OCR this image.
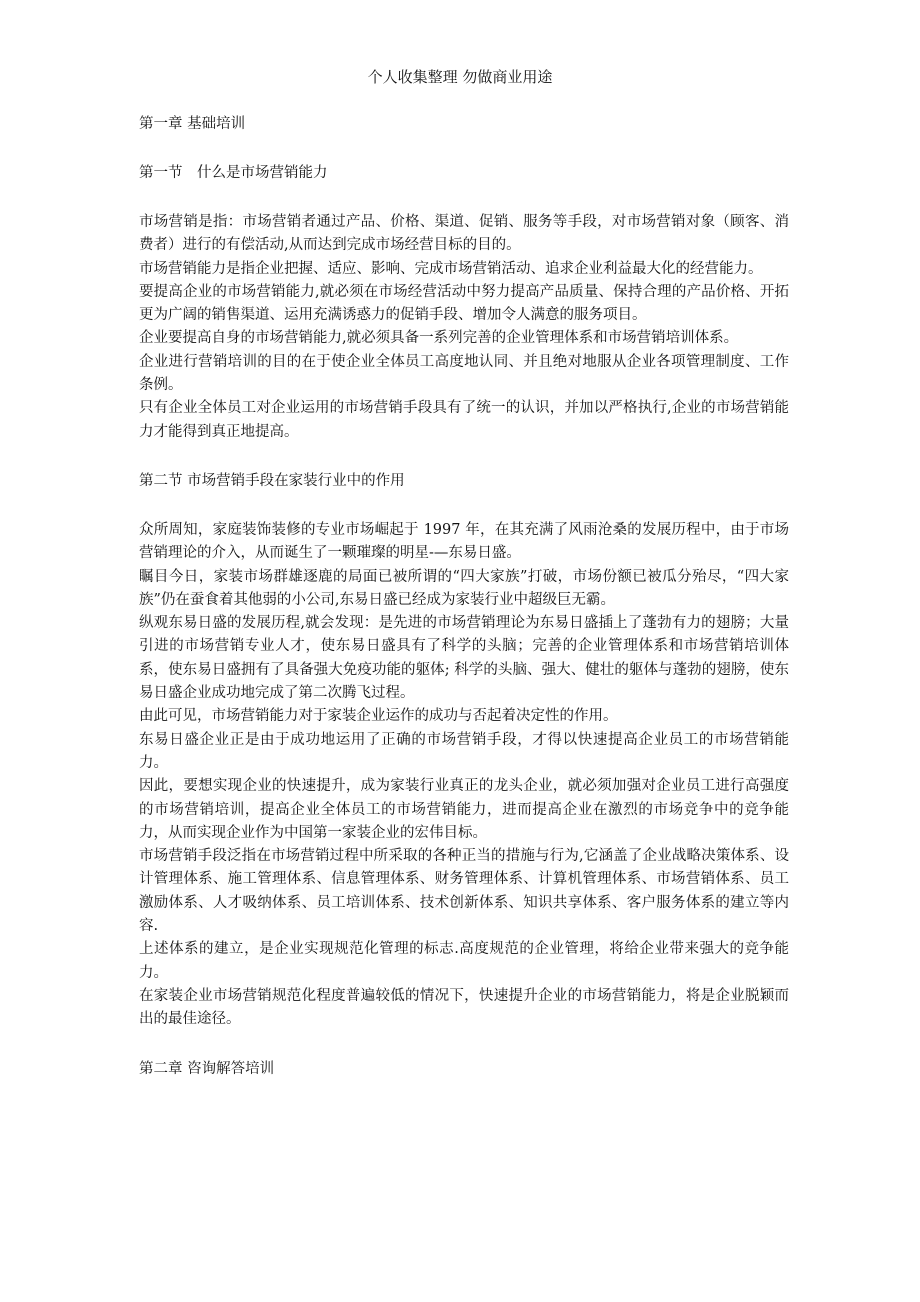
个人收集整理 勿做商业用途

第一章 基础培训

第一节　什么是市场营销能力

市场营销是指：市场营销者通过产品、价格、渠道、促销、服务等手段，对市场营销对象（顾客、消费者）进行的有偿活动,从而达到完成市场经营目标的目的。

市场营销能力是指企业把握、适应、影响、完成市场营销活动、追求企业利益最大化的经营能力。

要提高企业的市场营销能力,就必须在市场经营活动中努力提高产品质量、保持合理的产品价格、开拓更为广阔的销售渠道、运用充满诱惑力的促销手段、增加令人满意的服务项目。

企业要提高自身的市场营销能力,就必须具备一系列完善的企业管理体系和市场营销培训体系。

企业进行营销培训的目的在于使企业全体员工高度地认同、并且绝对地服从企业各项管理制度、工作条例。

只有企业全体员工对企业运用的市场营销手段具有了统一的认识，并加以严格执行,企业的市场营销能力才能得到真正地提高。

第二节 市场营销手段在家装行业中的作用

众所周知，家庭装饰装修的专业市场崛起于 1997 年，在其充满了风雨沧桑的发展历程中，由于市场营销理论的介入，从而诞生了一颗璀璨的明星-—东易日盛。

瞩目今日，家装市场群雄逐鹿的局面已被所谓的“四大家族”打破，市场份额已被瓜分殆尽，“四大家族”仍在蚕食着其他弱的小公司,东易日盛已经成为家装行业中超级巨无霸。

纵观东易日盛的发展历程,就会发现：是先进的市场营销理论为东易日盛插上了蓬勃有力的翅膀；大量引进的市场营销专业人才，使东易日盛具有了科学的头脑；完善的企业管理体系和市场营销培训体系，使东易日盛拥有了具备强大免疫功能的躯体; 科学的头脑、强大、健壮的躯体与蓬勃的翅膀，使东易日盛企业成功地完成了第二次腾飞过程。

由此可见，市场营销能力对于家装企业运作的成功与否起着决定性的作用。

东易日盛企业正是由于成功地运用了正确的市场营销手段，才得以快速提高企业员工的市场营销能力。

因此，要想实现企业的快速提升，成为家装行业真正的龙头企业，就必须加强对企业员工进行高强度的市场营销培训，提高企业全体员工的市场营销能力，进而提高企业在激烈的市场竞争中的竞争能力，从而实现企业作为中国第一家装企业的宏伟目标。

市场营销手段泛指在市场营销过程中所采取的各种正当的措施与行为,它涵盖了企业战略决策体系、设计管理体系、施工管理体系、信息管理体系、财务管理体系、计算机管理体系、市场营销体系、员工激励体系、人才吸纳体系、员工培训体系、技术创新体系、知识共享体系、客户服务体系的建立等内容.

上述体系的建立，是企业实现规范化管理的标志.高度规范的企业管理，将给企业带来强大的竞争能力。

在家装企业市场营销规范化程度普遍较低的情况下，快速提升企业的市场营销能力，将是企业脱颖而出的最佳途径。

第二章 咨询解答培训
